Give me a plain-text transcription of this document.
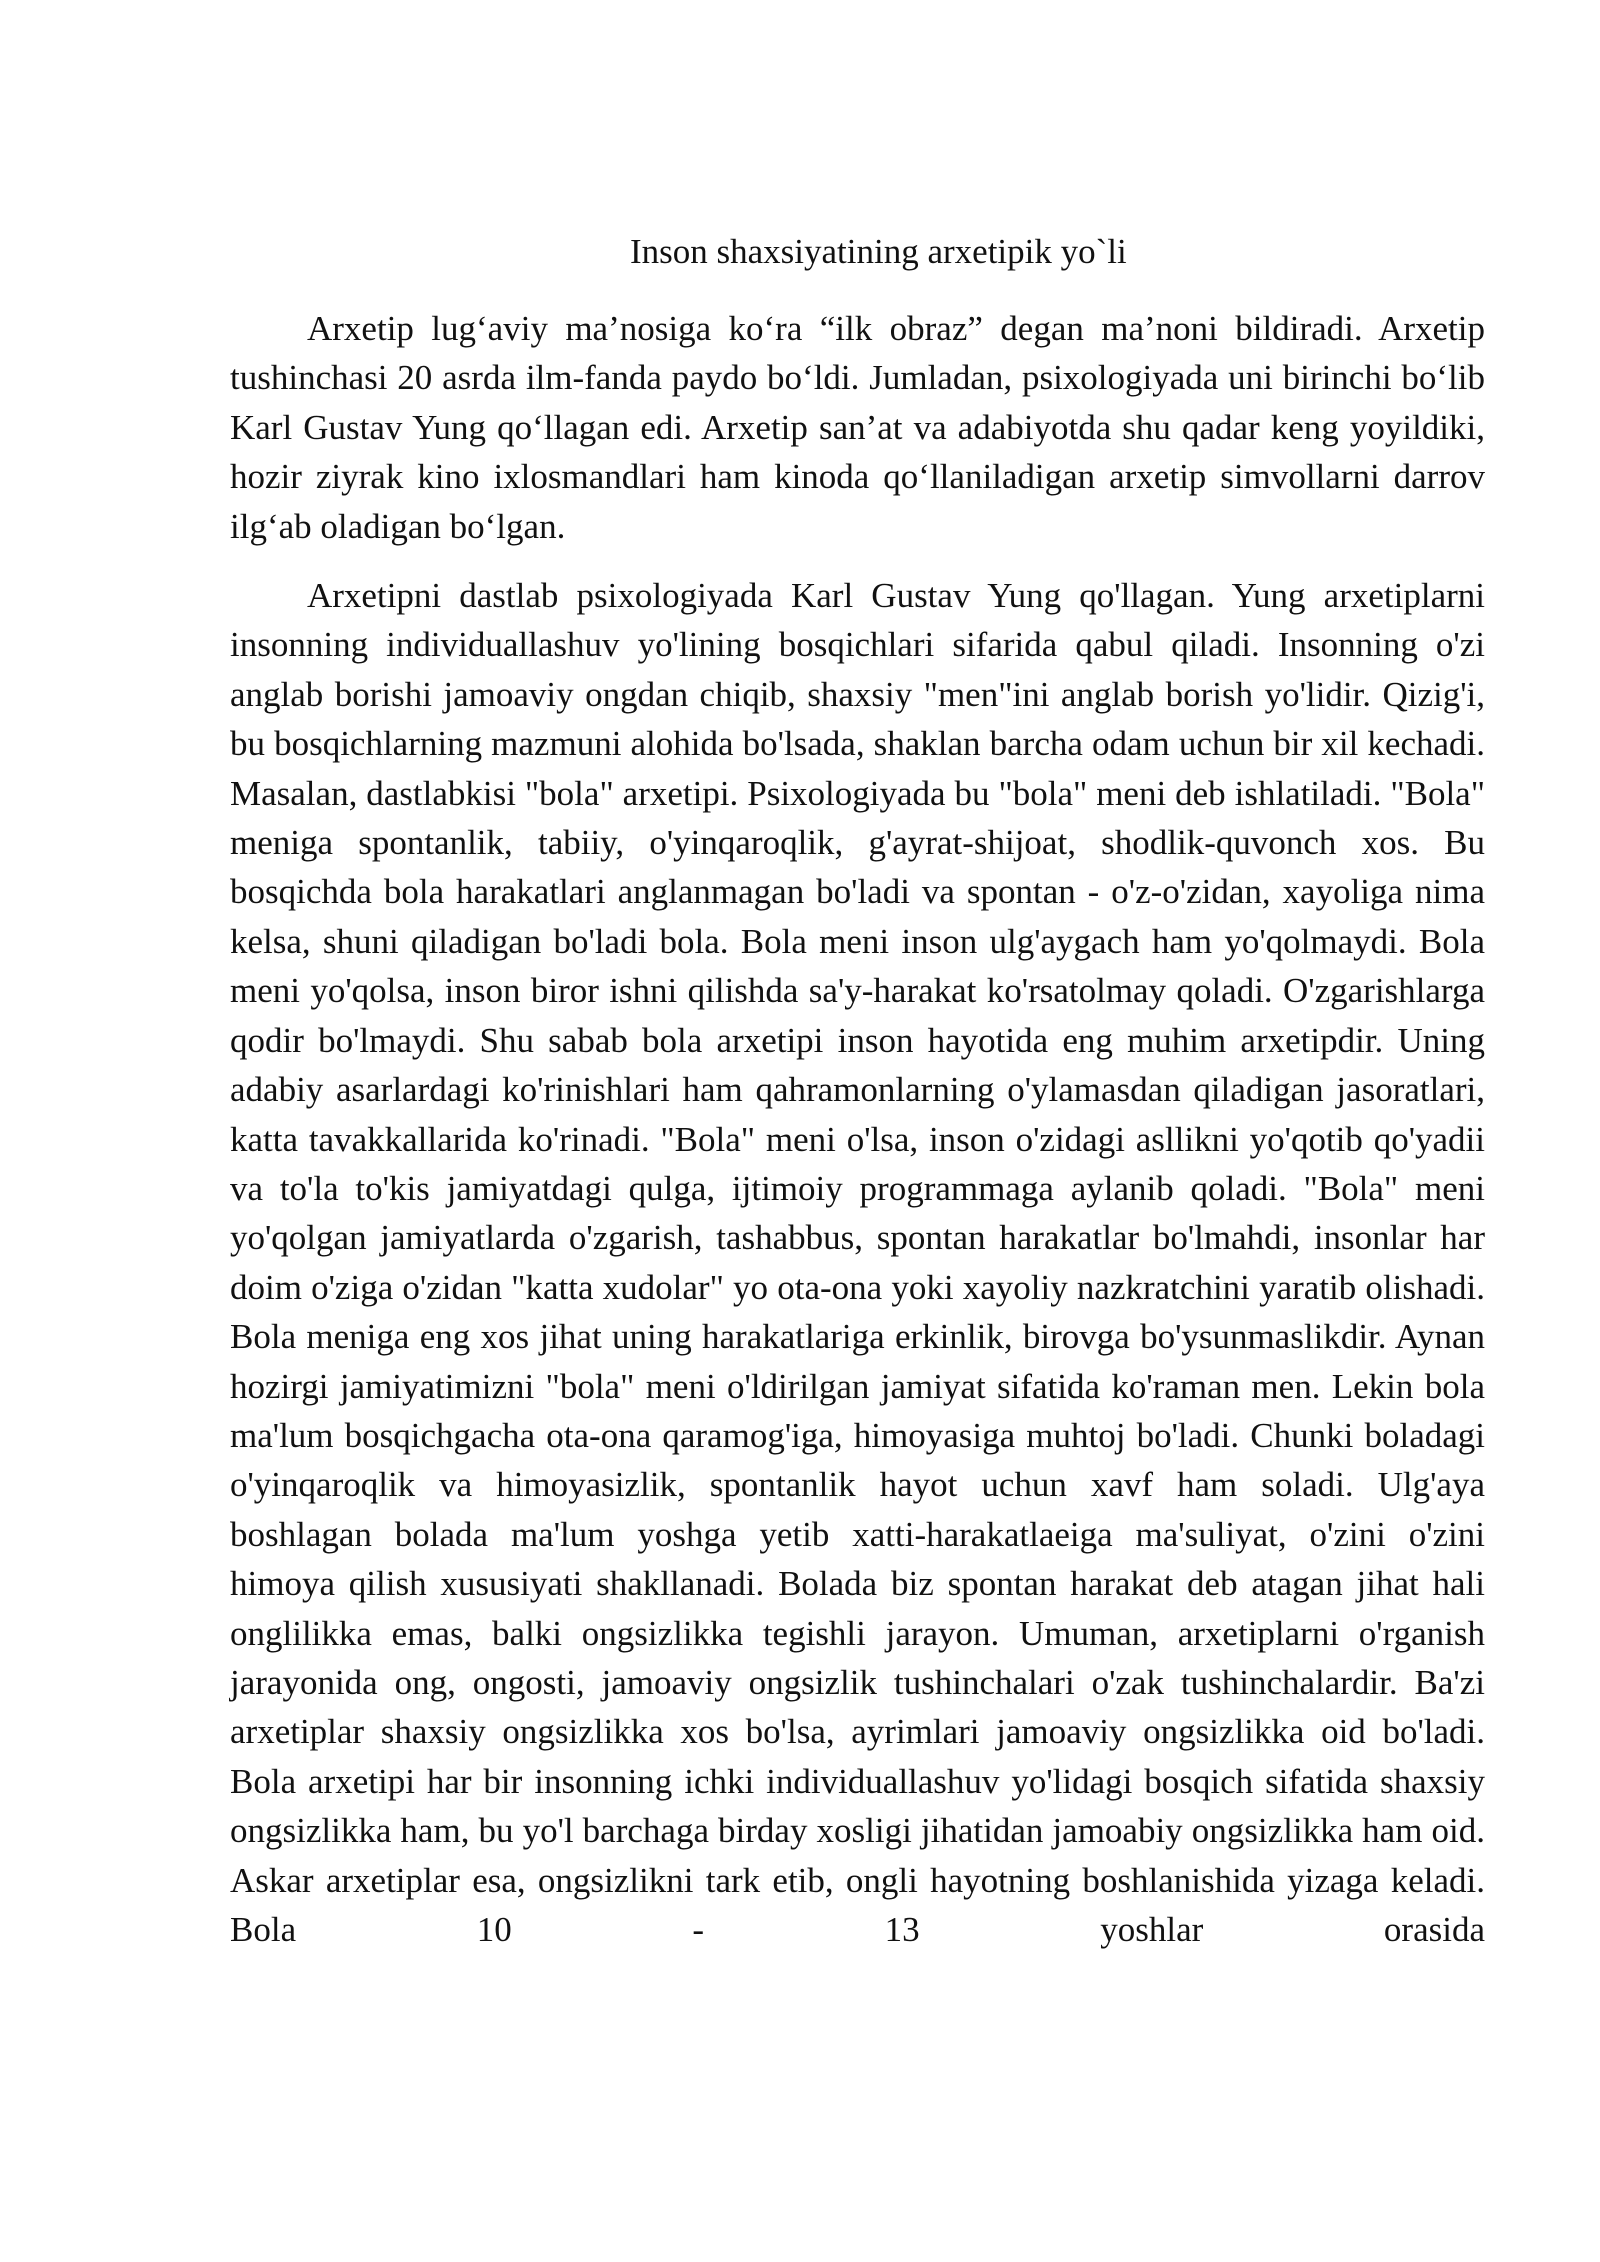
Inson shaxsiyatining arxetipik yo`li

Arxetip lug‘aviy ma’nosiga ko‘ra “ilk obraz” degan ma’noni bildiradi. Arxetip tushinchasi 20 asrda ilm-fanda paydo bo‘ldi. Jumladan, psixologiyada uni birinchi bo‘lib Karl Gustav Yung qo‘llagan edi. Arxetip san’at va adabiyotda shu qadar keng yoyildiki, hozir ziyrak kino ixlosmandlari ham kinoda qo‘llaniladigan arxetip simvollarni darrov ilg‘ab oladigan bo‘lgan.

Arxetipni dastlab psixologiyada Karl Gustav Yung qo'llagan. Yung arxetiplarni insonning individuallashuv yo'lining bosqichlari sifarida qabul qiladi. Insonning o'zi anglab borishi jamoaviy ongdan chiqib, shaxsiy "men"ini anglab borish yo'lidir. Qizig'i, bu bosqichlarning mazmuni alohida bo'lsada, shaklan barcha odam uchun bir xil kechadi. Masalan, dastlabkisi "bola" arxetipi. Psixologiyada bu "bola" meni deb ishlatiladi. "Bola" meniga spontanlik, tabiiy, o'yinqaroqlik, g'ayrat-shijoat, shodlik-quvonch xos. Bu bosqichda bola harakatlari anglanmagan bo'ladi va spontan - o'z-o'zidan, xayoliga nima kelsa, shuni qiladigan bo'ladi bola. Bola meni inson ulg'aygach ham yo'qolmaydi. Bola meni yo'qolsa, inson biror ishni qilishda sa'y-harakat ko'rsatolmay qoladi. O'zgarishlarga qodir bo'lmaydi. Shu sabab bola arxetipi inson hayotida eng muhim arxetipdir. Uning adabiy asarlardagi ko'rinishlari ham qahramonlarning o'ylamasdan qiladigan jasoratlari, katta tavakkallarida ko'rinadi. "Bola" meni o'lsa, inson o'zidagi asllikni yo'qotib qo'yadii va to'la to'kis jamiyatdagi qulga, ijtimoiy programmaga aylanib qoladi. "Bola" meni yo'qolgan jamiyatlarda o'zgarish, tashabbus, spontan harakatlar bo'lmahdi, insonlar har doim o'ziga o'zidan "katta xudolar" yo ota-ona yoki xayoliy nazkratchini yaratib olishadi. Bola meniga eng xos jihat uning harakatlariga erkinlik, birovga bo'ysunmaslikdir. Aynan hozirgi jamiyatimizni "bola" meni o'ldirilgan jamiyat sifatida ko'raman men. Lekin bola ma'lum bosqichgacha ota-ona qaramog'iga, himoyasiga muhtoj bo'ladi. Chunki boladagi o'yinqaroqlik va himoyasizlik, spontanlik hayot uchun xavf ham soladi. Ulg'aya boshlagan bolada ma'lum yoshga yetib xatti-harakatlaeiga ma'suliyat, o'zini o'zini himoya qilish xususiyati shakllanadi. Bolada biz spontan harakat deb atagan jihat hali onglilikka emas, balki ongsizlikka tegishli jarayon. Umuman, arxetiplarni o'rganish jarayonida ong, ongosti, jamoaviy ongsizlik tushinchalari o'zak tushinchalardir. Ba'zi arxetiplar shaxsiy ongsizlikka xos bo'lsa, ayrimlari jamoaviy ongsizlikka oid bo'ladi. Bola arxetipi har bir insonning ichki individuallashuv yo'lidagi bosqich sifatida shaxsiy ongsizlikka ham, bu yo'l barchaga birday xosligi jihatidan jamoabiy ongsizlikka ham oid. Askar arxetiplar esa, ongsizlikni tark etib, ongli hayotning boshlanishida yizaga keladi. Bola 10 - 13 yoshlar orasida
